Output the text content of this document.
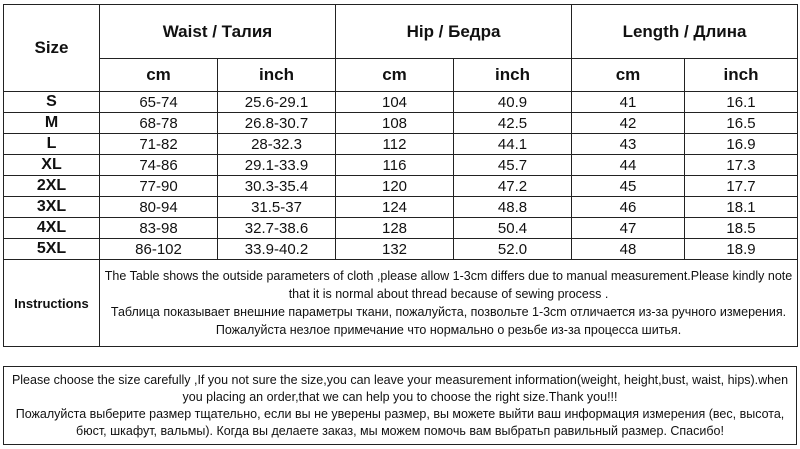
Size	Waist / Талия		Hip / Бедра		Length / Длина	
	cm	inch	cm	inch	cm	inch
S	65-74	25.6-29.1	104	40.9	41	16.1
M	68-78	26.8-30.7	108	42.5	42	16.5
L	71-82	28-32.3	112	44.1	43	16.9
XL	74-86	29.1-33.9	116	45.7	44	17.3
2XL	77-90	30.3-35.4	120	47.2	45	17.7
3XL	80-94	31.5-37	124	48.8	46	18.1
4XL	83-98	32.7-38.6	128	50.4	47	18.5
5XL	86-102	33.9-40.2	132	52.0	48	18.9
Instructions	The Table shows the outside parameters of cloth ,please allow 1-3cm differs due to manual measurement.Please kindly note that it is normal about thread because of sewing process .

Таблица показывает внешние параметры ткани, пожалуйста, позвольте 1-3cm отличается из-за ручного измерения. Пожалуйста незлое примечание что нормально о резьбе из-за процесса шитья.					

Please choose the size carefully ,If you not sure the size,you can leave your measurement information(weight, height,bust, waist, hips).when you placing an order,that we can help you to choose the right size.Thank you!!!

Пожалуйста выберите размер тщательно, если вы не уверены размер, вы можете выйти ваш информация измерения (вес, высота, бюст, шкафут, вальмы). Когда вы делаете заказ, мы можем помочь вам выбратьп равильный размер. Спасибо!
